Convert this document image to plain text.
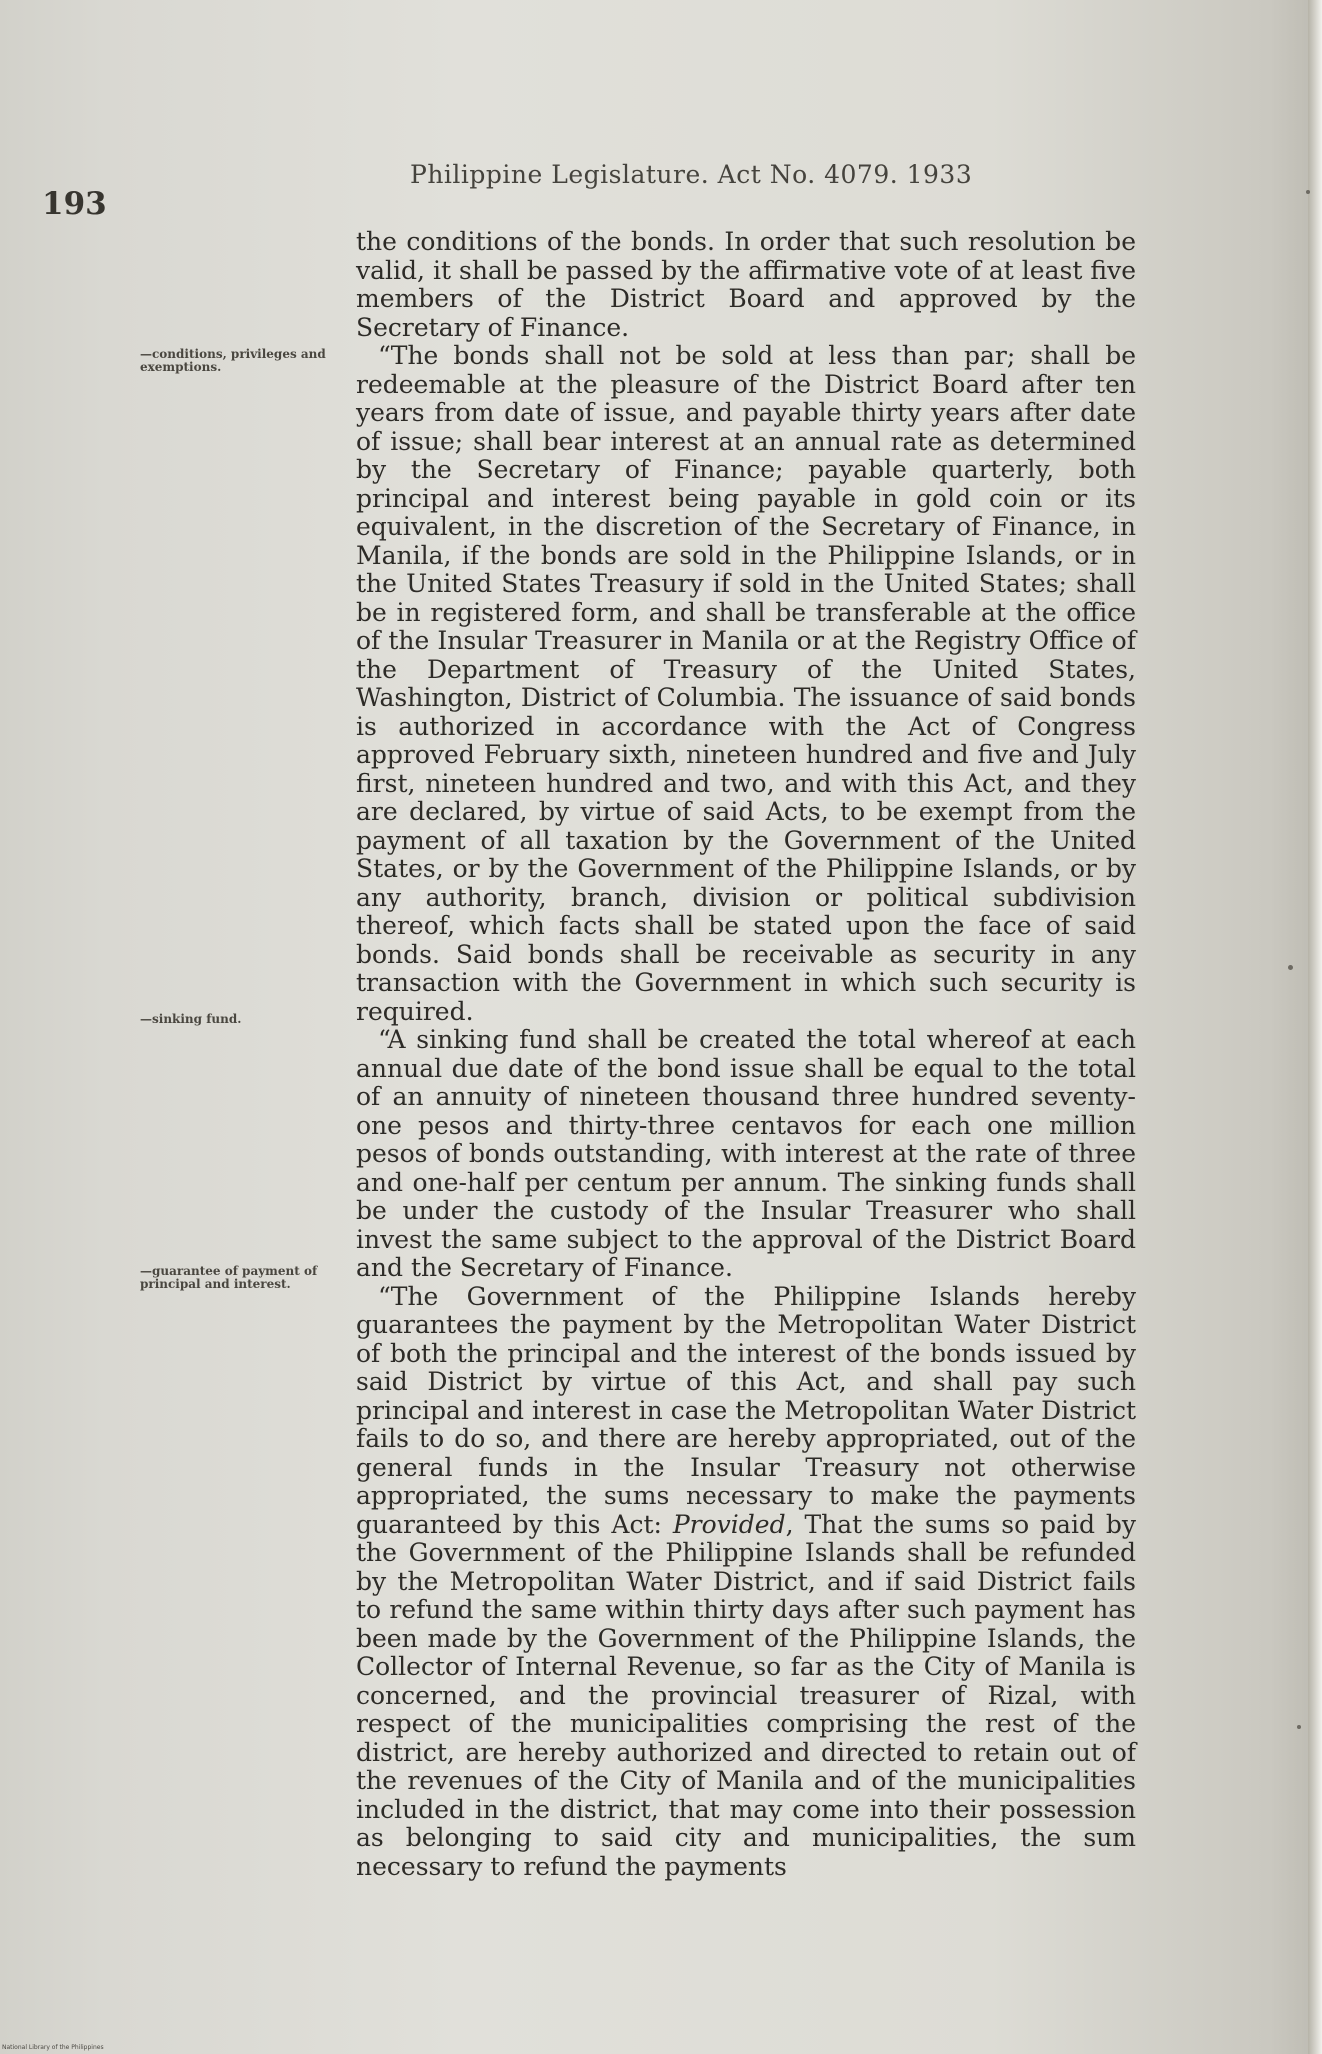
193
Philippine Legislature. Act No. 4079. 1933
—conditions, privileges and exemptions.
—sinking fund.
—guarantee of payment of principal and interest.

the conditions of the bonds. In order that such resolution be valid, it shall be passed by the affirmative vote of at least five members of the District Board and approved by the Secretary of Finance.

“The bonds shall not be sold at less than par; shall be redeemable at the pleasure of the District Board after ten years from date of issue, and payable thirty years after date of issue; shall bear interest at an annual rate as determined by the Secretary of Finance; payable quarterly, both principal and interest being payable in gold coin or its equivalent, in the discretion of the Secretary of Finance, in Manila, if the bonds are sold in the Philippine Islands, or in the United States Treasury if sold in the United States; shall be in registered form, and shall be transferable at the office of the Insular Treasurer in Manila or at the Registry Office of the Department of Treasury of the United States, Washington, District of Columbia. The issuance of said bonds is authorized in accordance with the Act of Congress approved February sixth, nineteen hundred and five and July first, nineteen hundred and two, and with this Act, and they are declared, by virtue of said Acts, to be exempt from the payment of all taxation by the Government of the United States, or by the Government of the Philippine Islands, or by any authority, branch, division or political subdivision thereof, which facts shall be stated upon the face of said bonds. Said bonds shall be receivable as security in any transaction with the Government in which such security is required.

“A sinking fund shall be created the total whereof at each annual due date of the bond issue shall be equal to the total of an annuity of nineteen thousand three hundred seventy-one pesos and thirty-three centavos for each one million pesos of bonds outstanding, with interest at the rate of three and one-half per centum per annum. The sinking funds shall be under the custody of the Insular Treasurer who shall invest the same subject to the approval of the District Board and the Secretary of Finance.

“The Government of the Philippine Islands hereby guarantees the payment by the Metropolitan Water District of both the principal and the interest of the bonds issued by said District by virtue of this Act, and shall pay such principal and interest in case the Metropolitan Water District fails to do so, and there are hereby appropriated, out of the general funds in the Insular Treasury not otherwise appropriated, the sums necessary to make the payments guaranteed by this Act: Provided, That the sums so paid by the Government of the Philippine Islands shall be refunded by the Metropolitan Water District, and if said District fails to refund the same within thirty days after such payment has been made by the Government of the Philippine Islands, the Collector of Internal Revenue, so far as the City of Manila is concerned, and the provincial treasurer of Rizal, with respect of the municipalities comprising the rest of the district, are hereby authorized and directed to retain out of the revenues of the City of Manila and of the municipalities included in the district, that may come into their possession as belonging to said city and municipalities, the sum necessary to refund the payments

National Library of the Philippines
